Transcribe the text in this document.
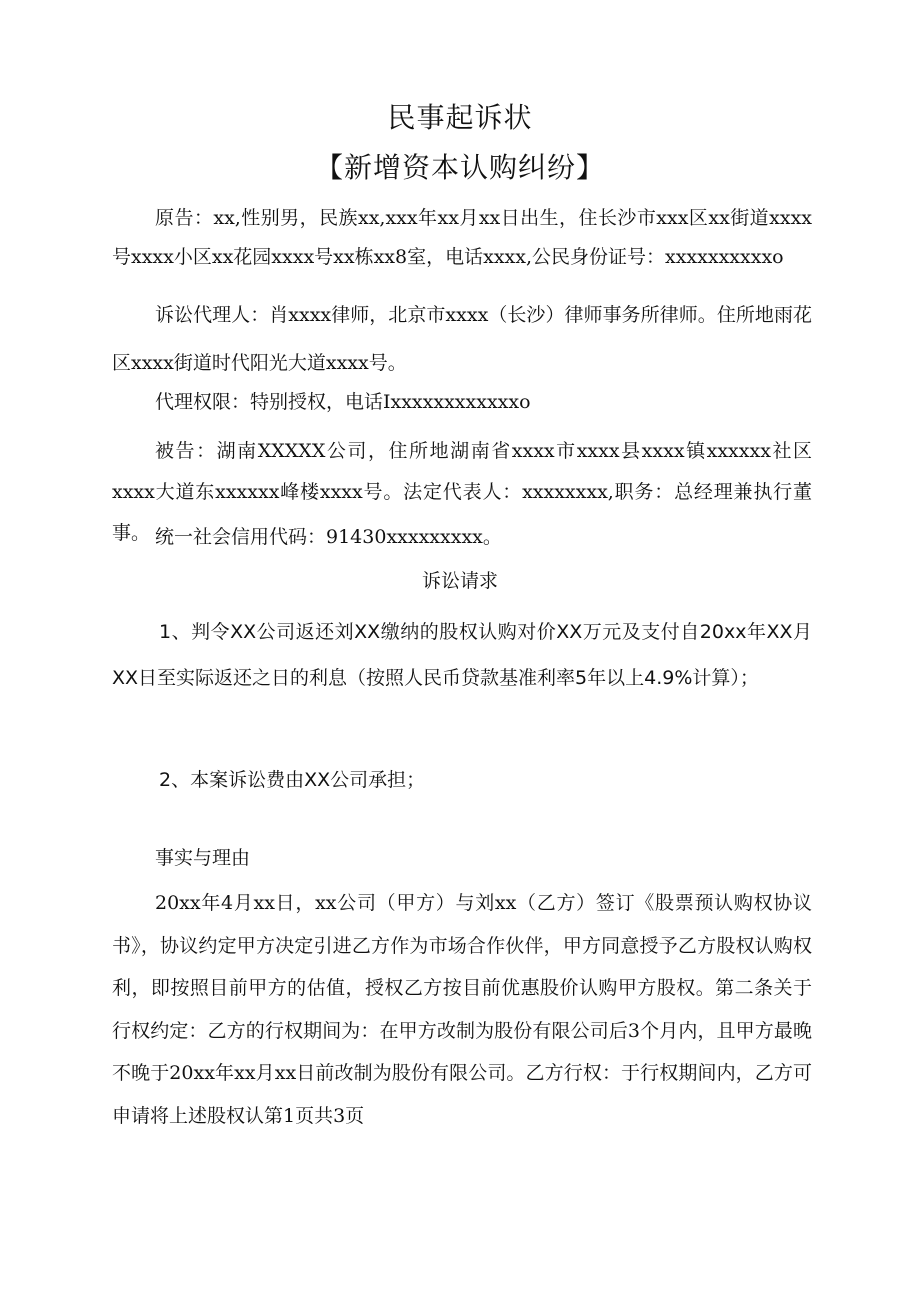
民事起诉状
【新增资本认购纠纷】

原告：xx,性别男，民族xx,xxx年xx月xx日出生，住长沙市xxx区xx街道xxxx号xxxx小区xx花园xxxx号xx栋xx8室，电话xxxx,公民身份证号：xxxxxxxxxxo

诉讼代理人：肖xxxx律师，北京市xxxx（长沙）律师事务所律师。住所地雨花区xxxx街道时代阳光大道xxxx号。

代理权限：特别授权，电话Ixxxxxxxxxxxxo

被告：湖南XXXXX公司，住所地湖南省xxxx市xxxx县xxxx镇xxxxxx社区xxxx大道东xxxxxx峰楼xxxx号。法定代表人：xxxxxxxx,职务：总经理兼执行董事。 统一社会信用代码：91430xxxxxxxxx。

诉讼请求

1、判令XX公司返还刘XX缴纳的股权认购对价XX万元及支付自20xx年XX月XX日至实际返还之日的利息（按照人民币贷款基准利率5年以上4.9%计算）；

2、本案诉讼费由XX公司承担；

事实与理由

20xx年4月xx日，xx公司（甲方）与刘xx（乙方）签订《股票预认购权协议书》，协议约定甲方决定引进乙方作为市场合作伙伴，甲方同意授予乙方股权认购权利，即按照目前甲方的估值，授权乙方按目前优惠股价认购甲方股权。第二条关于行权约定：乙方的行权期间为：在甲方改制为股份有限公司后3个月内，且甲方最晚不晚于20xx年xx月xx日前改制为股份有限公司。乙方行权：于行权期间内，乙方可申请将上述股权认第1页共3页
